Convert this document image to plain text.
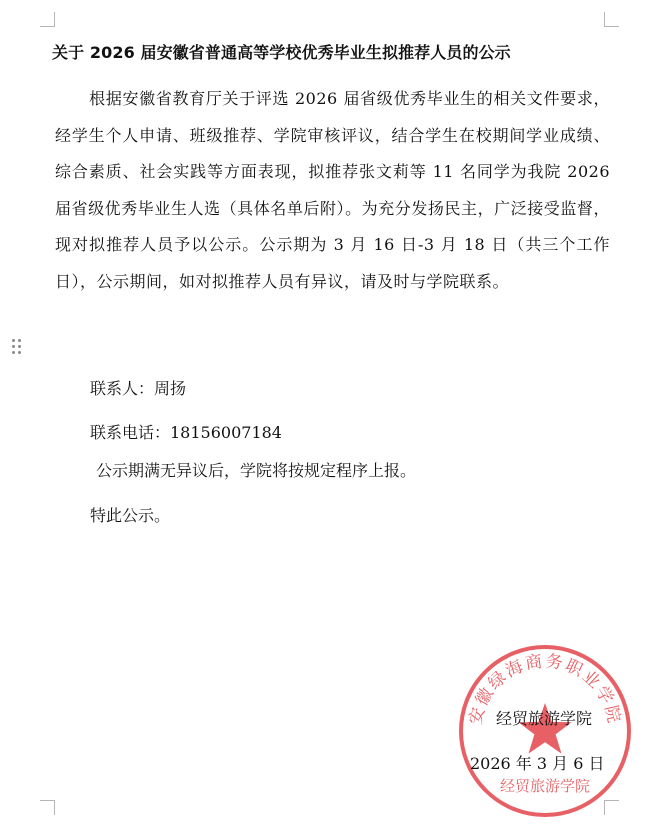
关于 2026 届安徽省普通高等学校优秀毕业生拟推荐人员的公示
根据安徽省教育厅关于评选 2026 届省级优秀毕业生的相关文件要求，经学生个人申请、班级推荐、学院审核评议，结合学生在校期间学业成绩、综合素质、社会实践等方面表现，拟推荐张文莉等 11 名同学为我院 2026 届省级优秀毕业生人选（具体名单后附）。为充分发扬民主，广泛接受监督，现对拟推荐人员予以公示。公示期为 3 月 16 日-3 月 18 日（共三个工作日），公示期间，如对拟推荐人员有异议，请及时与学院联系。
联系人：周扬
联系电话：18156007184
公示期满无异议后，学院将按规定程序上报。
特此公示。
安徽绿海商务职业学院
经贸旅游学院
经贸旅游学院
2026 年 3 月 6 日
